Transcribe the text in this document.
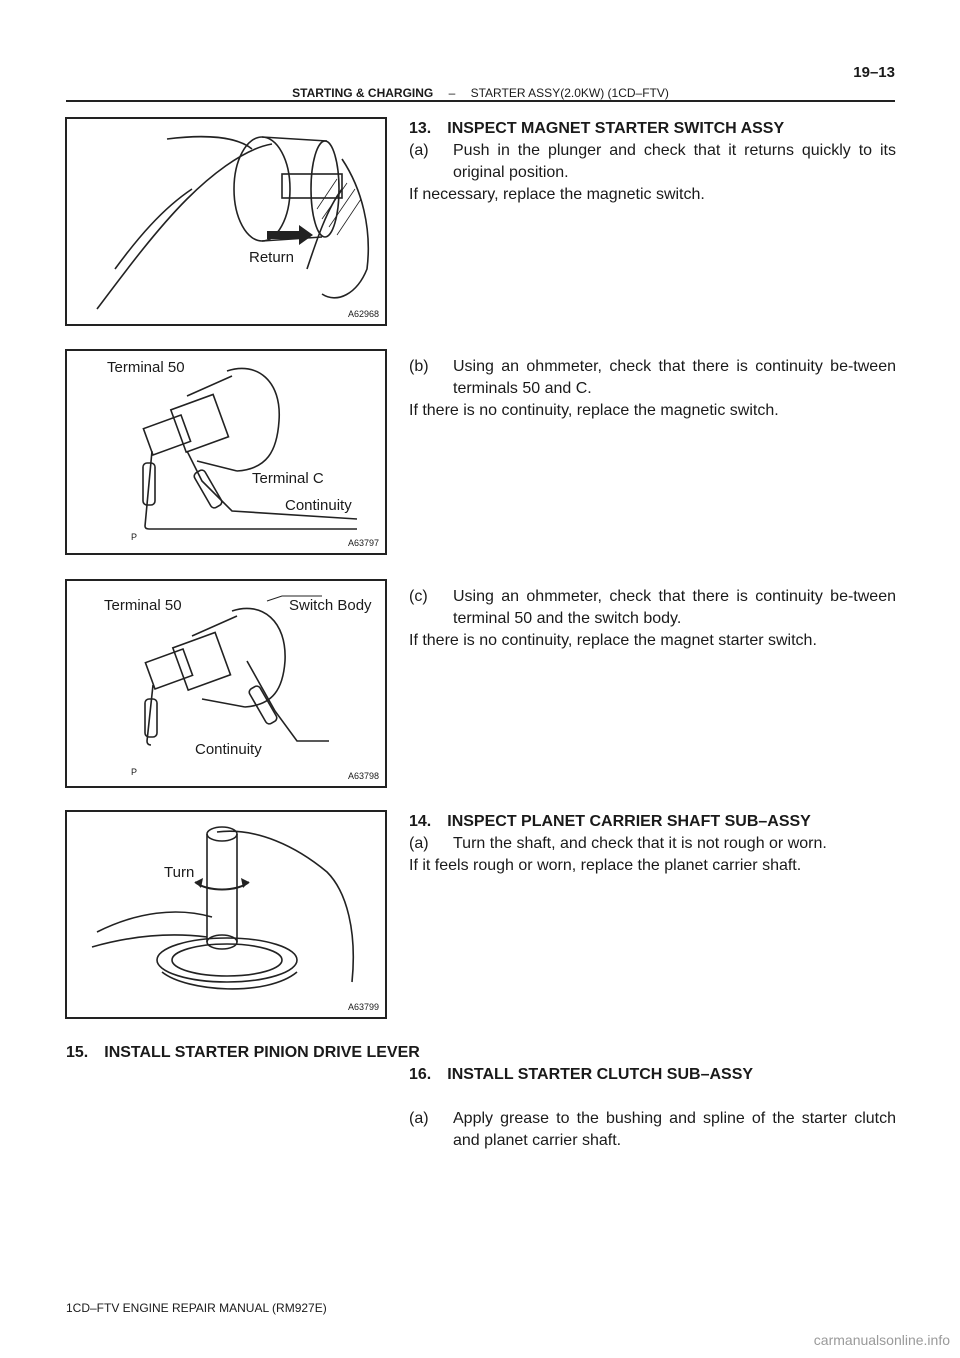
19–13
STARTING & CHARGING – STARTER ASSY(2.0KW) (1CD–FTV)
Return
A62968
Terminal 50
Terminal C
Continuity
P
A63797
Terminal 50	Switch Body
Continuity
P	A63798
Turn
A63799
13. INSPECT MAGNET STARTER SWITCH ASSY
(a)	Push in the plunger and check that it returns quickly to its original position.
If necessary, replace the magnetic switch.
(b)	Using an ohmmeter, check that there is continuity be-tween terminals 50 and C.
If there is no continuity, replace the magnetic switch.
(c)	Using an ohmmeter, check that there is continuity be-tween terminal 50 and the switch body.
If there is no continuity, replace the magnet starter switch.
14. INSPECT PLANET CARRIER SHAFT SUB–ASSY
(a)	Turn the shaft, and check that it is not rough or worn.
If it feels rough or worn, replace the planet carrier shaft.
15. INSTALL STARTER PINION DRIVE LEVER
16. INSTALL STARTER CLUTCH SUB–ASSY
(a)	Apply grease to the bushing and spline of the starter clutch and planet carrier shaft.
1CD–FTV ENGINE REPAIR MANUAL (RM927E)
carmanualsonline.info
